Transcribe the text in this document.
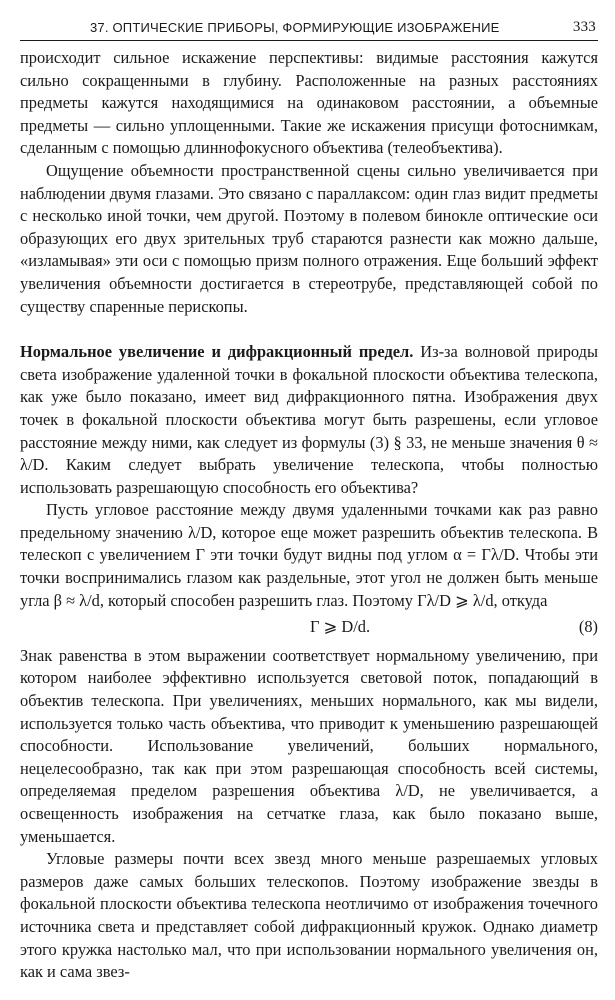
37. ОПТИЧЕСКИЕ ПРИБОРЫ, ФОРМИРУЮЩИЕ ИЗОБРАЖЕНИЕ	333

происходит сильное искажение перспективы: видимые расстояния кажутся сильно сокращенными в глубину. Расположенные на разных расстояниях предметы кажутся находящимися на одинаковом расстоянии, а объемные предметы — сильно уплощенными. Такие же искажения присущи фотоснимкам, сделанным с помощью длиннофокусного объектива (телеобъектива).

Ощущение объемности пространственной сцены сильно увеличивается при наблюдении двумя глазами. Это связано с параллаксом: один глаз видит предметы с несколько иной точки, чем другой. Поэтому в полевом бинокле оптические оси образующих его двух зрительных труб стараются разнести как можно дальше, «изламывая» эти оси с помощью призм полного отражения. Еще больший эффект увеличения объемности достигается в стереотрубе, представляющей собой по существу спаренные перископы.

Нормальное увеличение и дифракционный предел. Из-за волновой природы света изображение удаленной точки в фокальной плоскости объектива телескопа, как уже было показано, имеет вид дифракционного пятна. Изображения двух точек в фокальной плоскости объектива могут быть разрешены, если угловое расстояние между ними, как следует из формулы (3) § 33, не меньше значения θ ≈ λ/D. Каким следует выбрать увеличение телескопа, чтобы полностью использовать разрешающую способность его объектива?

Пусть угловое расстояние между двумя удаленными точками как раз равно предельному значению λ/D, которое еще может разрешить объектив телескопа. В телескоп с увеличением Γ эти точки будут видны под углом α = Γλ/D. Чтобы эти точки воспринимались глазом как раздельные, этот угол не должен быть меньше угла β ≈ λ/d, который способен разрешить глаз. Поэтому Γλ/D ⩾ λ/d, откуда

Γ ⩾ D/d.	(8)

Знак равенства в этом выражении соответствует нормальному увеличению, при котором наиболее эффективно используется световой поток, попадающий в объектив телескопа. При увеличениях, меньших нормального, как мы видели, используется только часть объектива, что приводит к уменьшению разрешающей способности. Использование увеличений, больших нормального, нецелесообразно, так как при этом разрешающая способность всей системы, определяемая пределом разрешения объектива λ/D, не увеличивается, а освещенность изображения на сетчатке глаза, как было показано выше, уменьшается.

Угловые размеры почти всех звезд много меньше разрешаемых угловых размеров даже самых больших телескопов. Поэтому изображение звезды в фокальной плоскости объектива телескопа неотличимо от изображения точечного источника света и представляет собой дифракционный кружок. Однако диаметр этого кружка настолько мал, что при использовании нормального увеличения он, как и сама звез-
